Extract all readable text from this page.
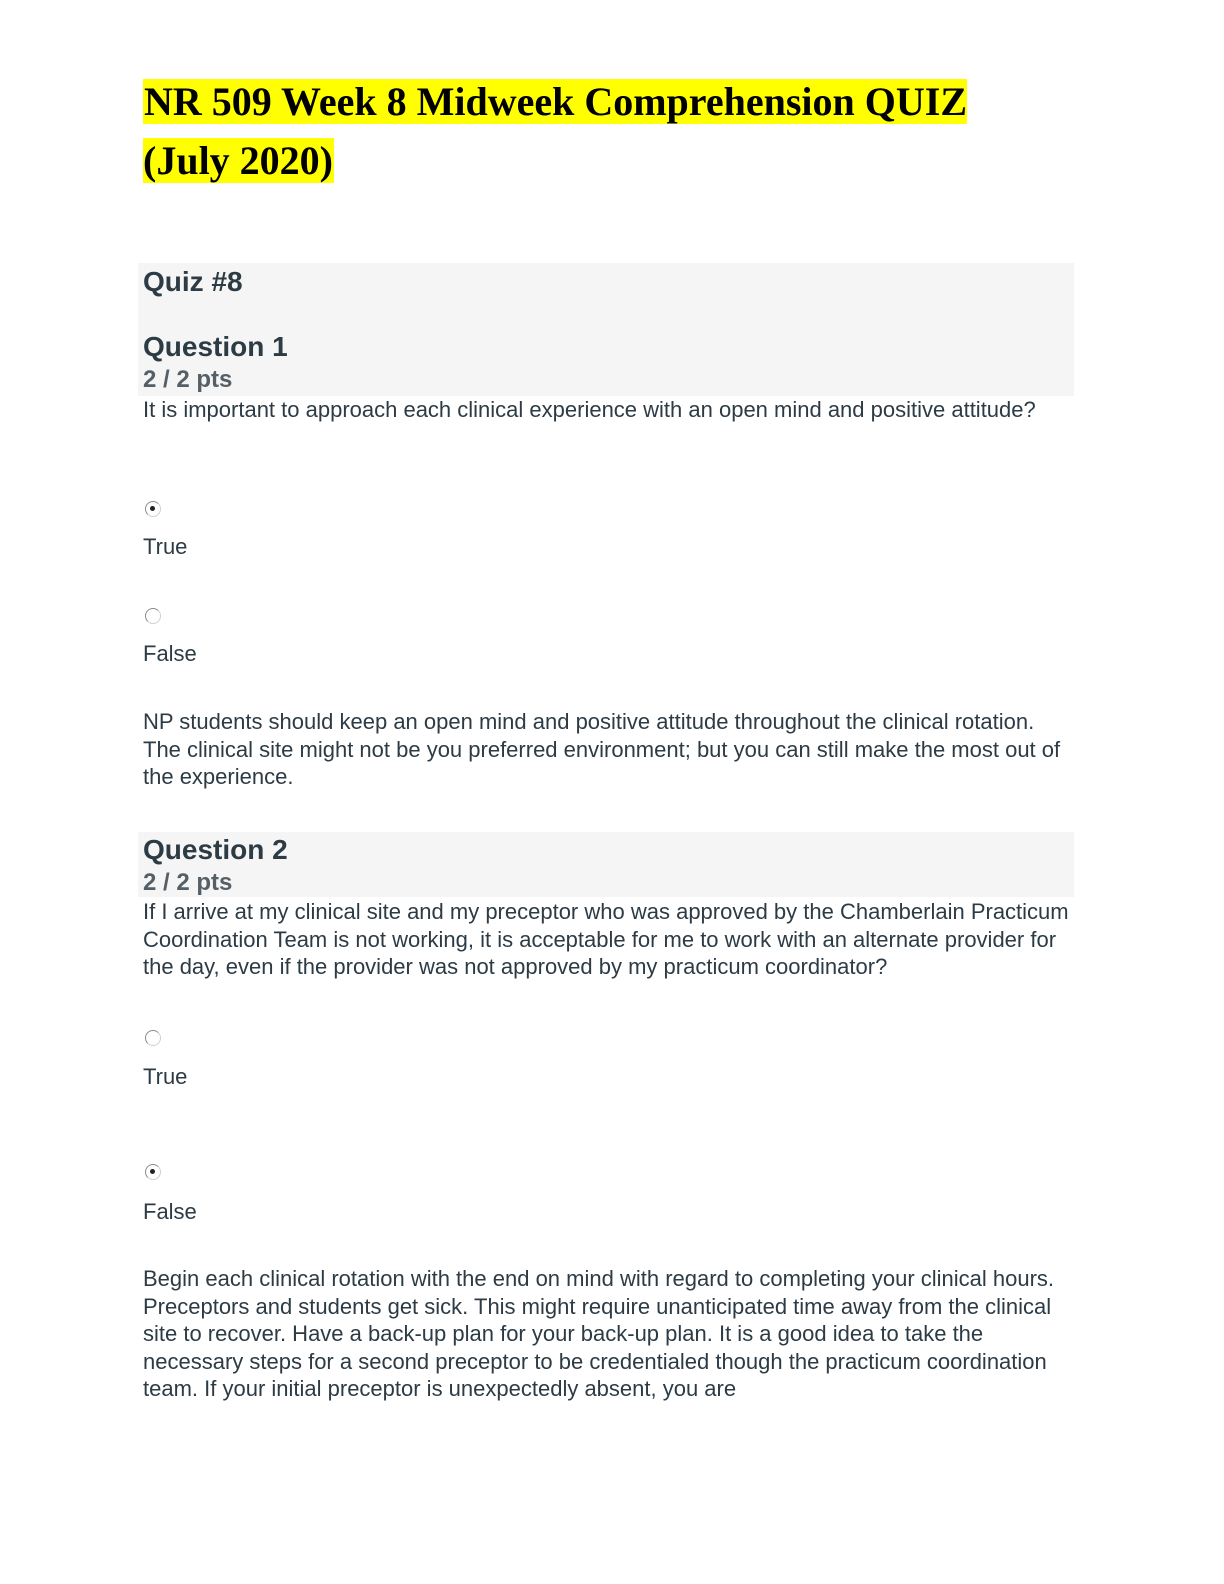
NR 509 Week 8 Midweek Comprehension QUIZ (July 2020)
Quiz #8
Question 1
2 / 2 pts

It is important to approach each clinical experience with an open mind and positive attitude?

True
False

NP students should keep an open mind and positive attitude throughout the clinical rotation. The clinical site might not be you preferred environment; but you can still make the most out of the experience.

Question 2
2 / 2 pts

If I arrive at my clinical site and my preceptor who was approved by the Chamberlain Practicum Coordination Team is not working, it is acceptable for me to work with an alternate provider for the day, even if the provider was not approved by my practicum coordinator?

True
False

Begin each clinical rotation with the end on mind with regard to completing your clinical hours. Preceptors and students get sick. This might require unanticipated time away from the clinical site to recover. Have a back-up plan for your back-up plan. It is a good idea to take the necessary steps for a second preceptor to be credentialed though the practicum coordination team. If your initial preceptor is unexpectedly absent, you are
